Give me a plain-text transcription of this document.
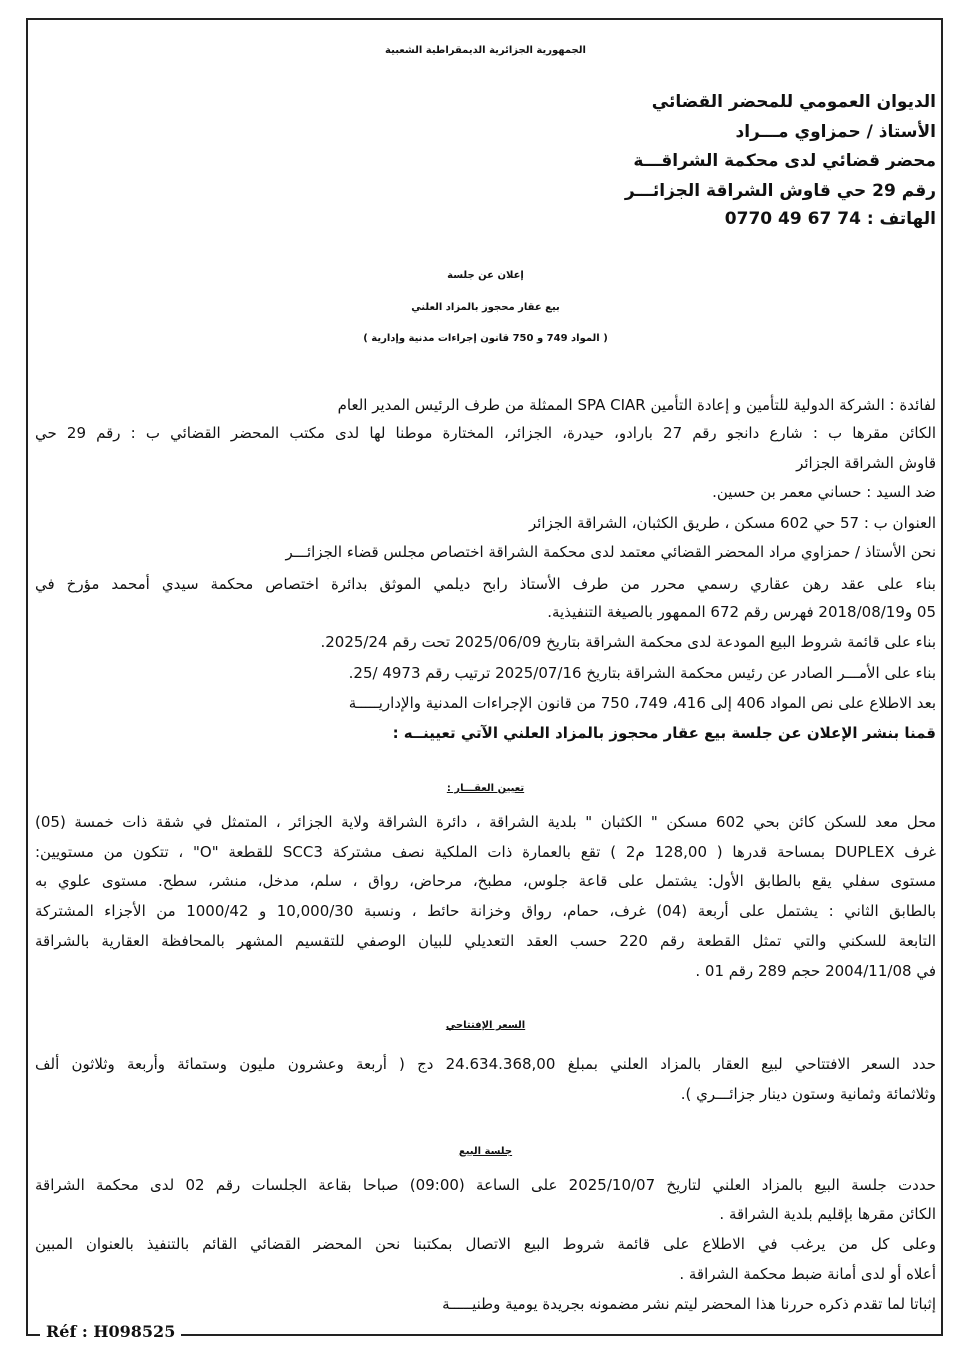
الجمهورية الجزائرية الديمقراطية الشعبية
الديوان العمومي للمحضر القضائي
الأستاذ / حمزاوي مـــراد
محضر قضائي لدى محكمة الشراقـــة
رقم 29 حي قاوش الشراقة الجزائـــر
الهاتف : 74 67 49 0770
إعلان عن جلسة
بيع عقار محجوز بالمزاد العلني
( المواد 749 و 750 قانون إجراءات مدنية وإدارية )
لفائدة : الشركة الدولية للتأمين و إعادة التأمين SPA CIAR الممثلة من طرف الرئيس المدير العام
الكائن مقرها ب : شارع دانجو رقم 27 بارادو، حيدرة، الجزائر، المختارة موطنا لها لدى مكتب المحضر القضائي ب : رقم 29 حي
قاوش الشراقة الجزائر
ضد السيد : حساني معمر بن حسين.
العنوان ب : 57 حي 602 مسكن ، طريق الكثبان، الشراقة الجزائر
نحن الأستاذ / حمزاوي مراد المحضر القضائي معتمد لدى محكمة الشراقة اختصاص مجلس قضاء الجزائـــر
بناء على عقد رهن عقاري رسمي محرر من طرف الأستاذ رابح ديلمي الموثق بدائرة اختصاص محكمة سيدي أمحمد مؤرخ في
05 و2018/08/19 فهرس رقم 672 الممهور بالصيغة التنفيذية.
بناء على قائمة شروط البيع المودعة لدى محكمة الشراقة بتاريخ 2025/06/09 تحت رقم 2025/24.
بناء على الأمـــر الصادر عن رئيس محكمة الشراقة بتاريخ 2025/07/16 ترتيب رقم 4973 /25.
بعد الاطلاع على نص المواد 406 إلى 416، 749، 750 من قانون الإجراءات المدنية والإداريـــــة
قمنا بنشر الإعلان عن جلسة بيع عقار محجوز بالمزاد العلني الآتي تعيينــه :
تعيين العقـــار :
محل معد للسكن كائن بحي 602 مسكن " الكثبان " بلدية الشراقة ، دائرة الشراقة ولاية الجزائر ، المتمثل في شقة ذات خمسة (05)
غرف DUPLEX بمساحة قدرها ( 128,00 م2 ) تقع بالعمارة ذات الملكية نصف مشتركة SCC3 للقطعة "O" ، تتكون من مستويين:
مستوى سفلي يقع بالطابق الأول: يشتمل على قاعة جلوس، مطبخ، مرحاض، رواق ، سلم، مدخل، منشر، سطح. مستوى علوي به
بالطابق الثاني : يشتمل على أربعة (04) غرف، حمام، رواق وخزانة حائط ، ونسبة 10,000/30 و 1000/42 من الأجزاء المشتركة
التابعة للسكني والتي تمثل القطعة رقم 220 حسب العقد التعديلي للبيان الوصفي للتقسيم المشهر بالمحافظة العقارية بالشراقة
في 2004/11/08 حجم 289 رقم 01 .
السعر الإفتتاحي
حدد السعر الافتتاحي لبيع العقار بالمزاد العلني بمبلغ 24.634.368,00 دج ( أربعة وعشرون مليون وستمائة وأربعة وثلاثون ألف
وثلاثمائة وثمانية وستون دينار جزائـــري ).
جلسة البيع
حددت جلسة البيع بالمزاد العلني لتاريخ 2025/10/07 على الساعة (09:00) صباحا بقاعة الجلسات رقم 02 لدى محكمة الشراقة
الكائن مقرها بإقليم بلدية الشراقة .
وعلى كل من يرغب في الاطلاع على قائمة شروط البيع الاتصال بمكتبنا نحن المحضر القضائي القائم بالتنفيذ بالعنوان المبين
أعلاه أو لدى أمانة ضبط محكمة الشراقة .
إثباتا لما تقدم ذكره حررنا هذا المحضر ليتم نشر مضمونه بجريدة يومية وطنيـــــة
Réf : H098525
